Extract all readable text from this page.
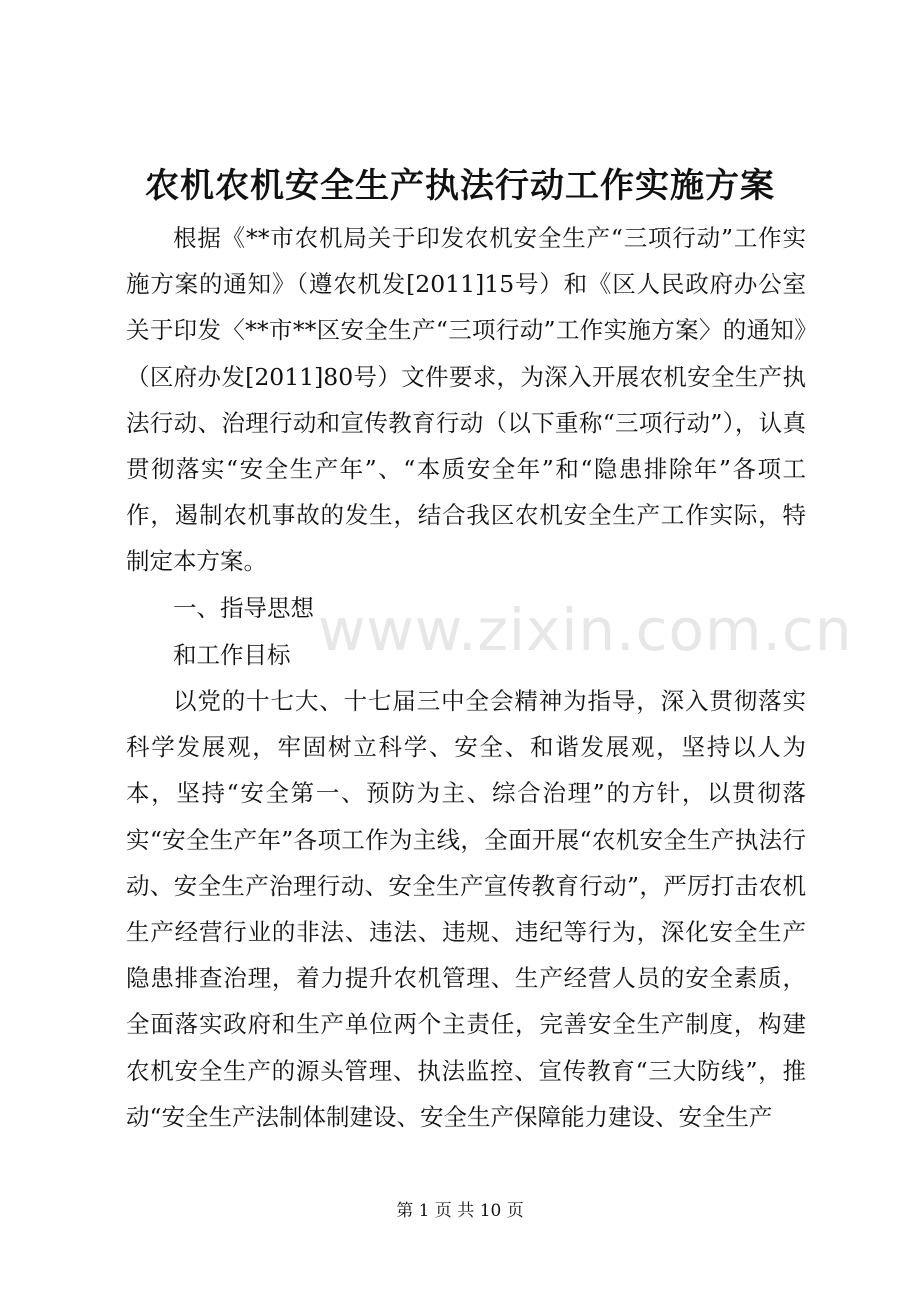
农机农机安全生产执法行动工作实施方案

根据《**市农机局关于印发农机安全生产“三项行动”工作实施方案的通知》（遵农机发[2011]15号）和《区人民政府办公室关于印发〈**市**区安全生产“三项行动”工作实施方案〉的通知》（区府办发[2011]80号）文件要求，为深入开展农机安全生产执法行动、治理行动和宣传教育行动（以下重称“三项行动”），认真贯彻落实“安全生产年”、“本质安全年”和“隐患排除年”各项工作，遏制农机事故的发生，结合我区农机安全生产工作实际，特制定本方案。

一、指导思想

和工作目标

以党的十七大、十七届三中全会精神为指导，深入贯彻落实科学发展观，牢固树立科学、安全、和谐发展观，坚持以人为本，坚持“安全第一、预防为主、综合治理”的方针，以贯彻落实“安全生产年”各项工作为主线，全面开展“农机安全生产执法行动、安全生产治理行动、安全生产宣传教育行动”，严厉打击农机生产经营行业的非法、违法、违规、违纪等行为，深化安全生产隐患排查治理，着力提升农机管理、生产经营人员的安全素质，全面落实政府和生产单位两个主责任，完善安全生产制度，构建农机安全生产的源头管理、执法监控、宣传教育“三大防线”，推动“安全生产法制体制建设、安全生产保障能力建设、安全生产

www.zixin.com.cn
第 1 页 共 10 页
